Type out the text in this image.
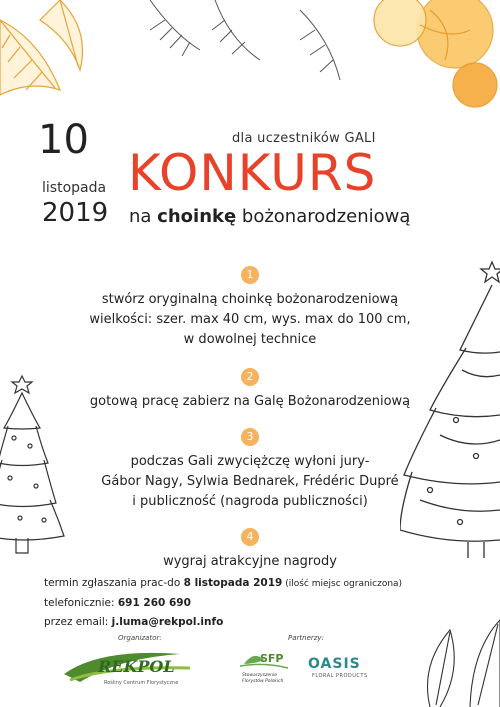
10
listopada
2019
dla uczestników GALI
KONKURS
na choinkę bożonarodzeniową
1
stwórz oryginalną choinkę bożonarodzeniową
wielkości: szer. max 40 cm, wys. max do 100 cm,
w dowolnej technice
2
gotową pracę zabierz na Galę Bożonarodzeniową
3
podczas Gali zwyciężczę wyłoni jury-
Gábor Nagy, Sylwia Bednarek, Frédéric Dupré
i publiczność (nagroda publiczności)
4
wygraj atrakcyjne nagrody
termin zgłaszania prac-do 8 listopada 2019 (ilość miejsc ograniczona)
telefonicznie: 691 260 690
przez email: j.luma@rekpol.info
Organizator:
REKPOL
Rośliny Centrum Florystyczne
Partnerzy:
SFP
Stowarzyszenie
Florystów Polskich
OASIS
FLORAL PRODUCTS
